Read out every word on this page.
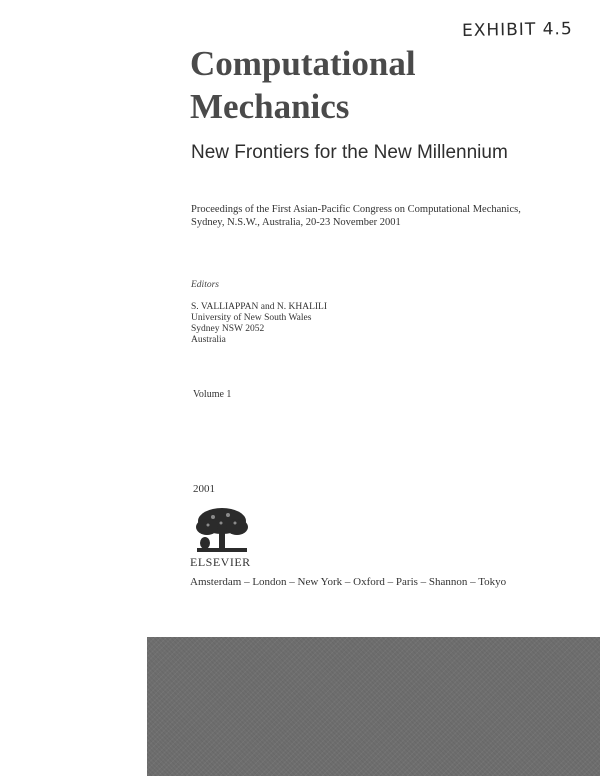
EXHIBIT 4.5
Computational
Mechanics
New Frontiers for the New Millennium
Proceedings of the First Asian-Pacific Congress on Computational Mechanics,
Sydney, N.S.W., Australia, 20-23 November 2001
Editors
S. VALLIAPPAN and N. KHALILI
University of New South Wales
Sydney NSW 2052
Australia
Volume 1
2001
ELSEVIER
Amsterdam – London – New York – Oxford – Paris – Shannon – Tokyo
